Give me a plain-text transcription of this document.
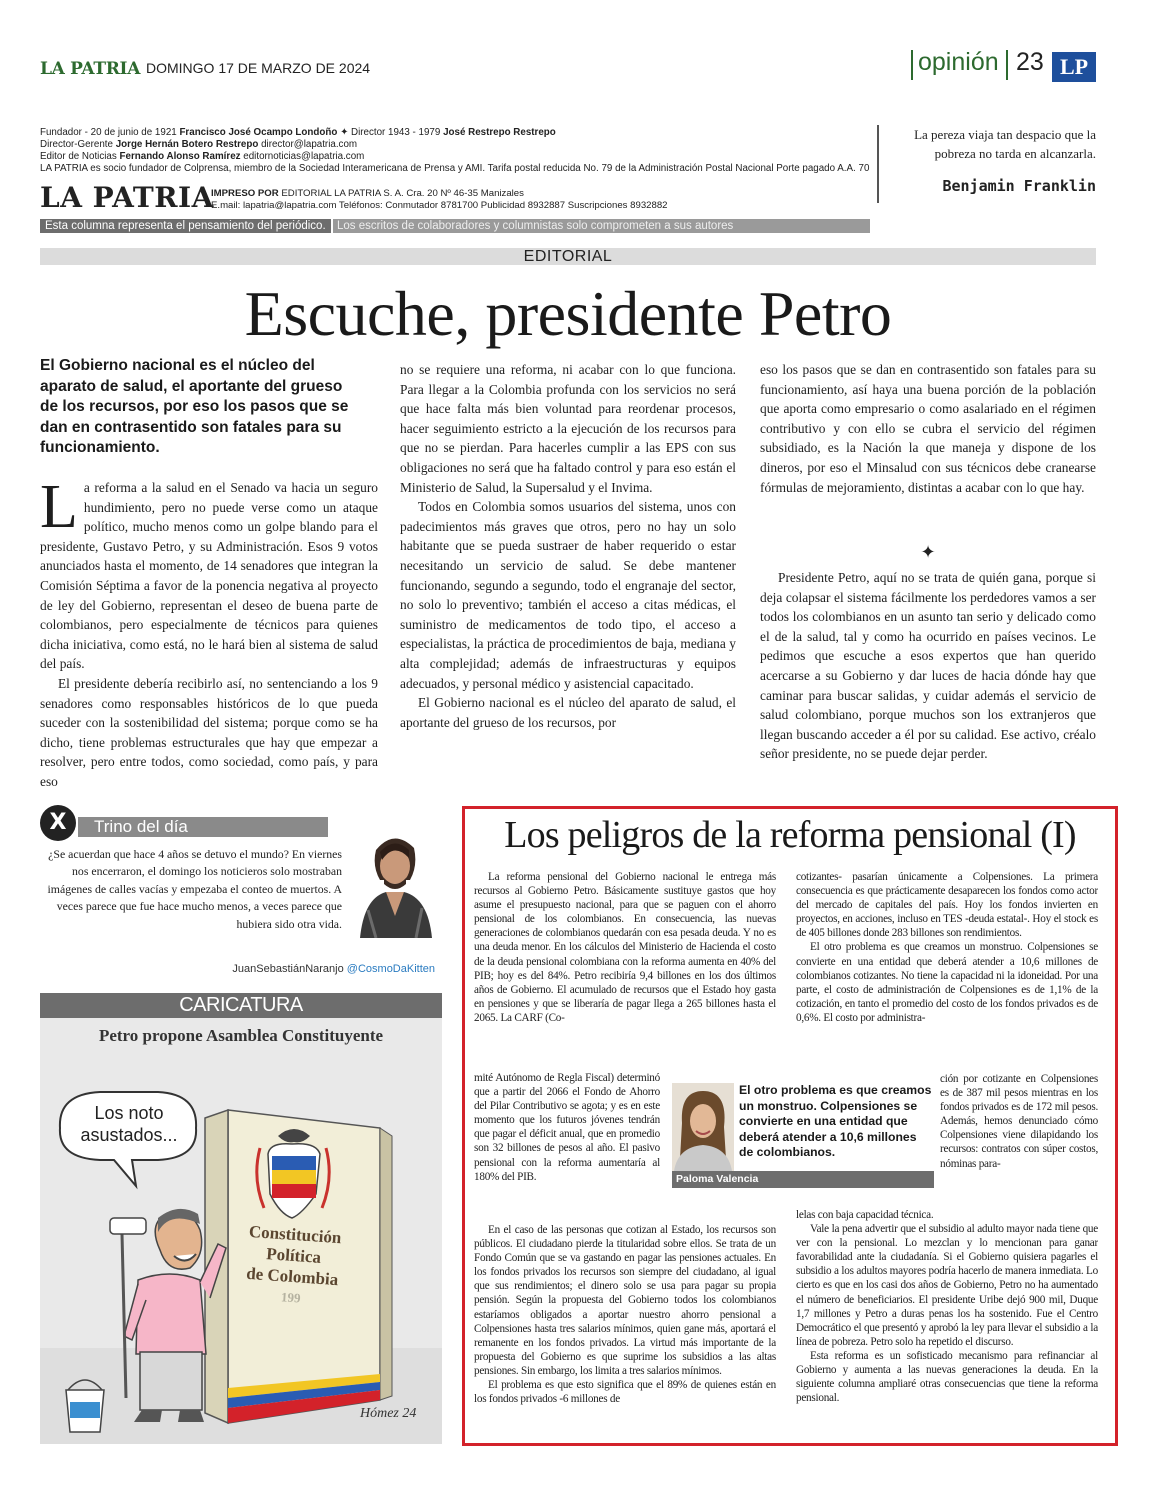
LA PATRIA DOMINGO 17 DE MARZO DE 2024	opinión 23 LP
Fundador - 20 de junio de 1921 Francisco José Ocampo Londoño ✦ Director 1943 - 1979 José Restrepo Restrepo
Director-Gerente Jorge Hernán Botero Restrepo director@lapatria.com
Editor de Noticias Fernando Alonso Ramírez editornoticias@lapatria.com
LA PATRIA es socio fundador de Colprensa, miembro de la Sociedad Interamericana de Prensa y AMI. Tarifa postal reducida No. 79 de la Administración Postal Nacional Porte pagado A.A. 70
LA PATRIA
IMPRESO POR EDITORIAL LA PATRIA S. A. Cra. 20 Nº 46-35 Manizales
E.mail: lapatria@lapatria.com Teléfonos: Conmutador 8781700 Publicidad 8932887 Suscripciones 8932882
Esta columna representa el pensamiento del periódico. Los escritos de colaboradores y columnistas solo comprometen a sus autores
La pereza viaja tan despacio que la
pobreza no tarda en alcanzarla.
Benjamin Franklin
EDITORIAL
Escuche, presidente Petro
El Gobierno nacional es el núcleo del aparato de salud, el aportante del grueso de los recursos, por eso los pasos que se dan en contrasentido son fatales para su funcionamiento.
L a reforma a la salud en el Senado va hacia un seguro hundimiento, pero no puede verse como un ataque político, mucho menos como un golpe blando para el presidente, Gustavo Petro, y su Administración. Esos 9 votos anunciados hasta el momento, de 14 senadores que integran la Comisión Séptima a favor de la ponencia negativa al proyecto de ley del Gobierno, representan el deseo de buena parte de colombianos, pero especialmente de técnicos para quienes dicha iniciativa, como está, no le hará bien al sistema de salud del país.

El presidente debería recibirlo así, no sentenciando a los 9 senadores como responsables históricos de lo que pueda suceder con la sostenibilidad del sistema; porque como se ha dicho, tiene problemas estructurales que hay que empezar a resolver, pero entre todos, como sociedad, como país, y para eso

no se requiere una reforma, ni acabar con lo que funciona. Para llegar a la Colombia profunda con los servicios no será que hace falta más bien voluntad para reordenar procesos, hacer seguimiento estricto a la ejecución de los recursos para que no se pierdan. Para hacerles cumplir a las EPS con sus obligaciones no será que ha faltado control y para eso están el Ministerio de Salud, la Supersalud y el Invima.

Todos en Colombia somos usuarios del sistema, unos con padecimientos más graves que otros, pero no hay un solo habitante que se pueda sustraer de haber requerido o estar necesitando un servicio de salud. Se debe mantener funcionando, segundo a segundo, todo el engranaje del sector, no solo lo preventivo; también el acceso a citas médicas, el suministro de medicamentos de todo tipo, el acceso a especialistas, la práctica de procedimientos de baja, mediana y alta complejidad; además de infraestructuras y equipos adecuados, y personal médico y asistencial capacitado.

El Gobierno nacional es el núcleo del aparato de salud, el aportante del grueso de los recursos, por

eso los pasos que se dan en contrasentido son fatales para su funcionamiento, así haya una buena porción de la población que aporta como empresario o como asalariado en el régimen contributivo y con ello se cubra el servicio del régimen subsidiado, es la Nación la que maneja y dispone de los dineros, por eso el Minsalud con sus técnicos debe cranearse fórmulas de mejoramiento, distintas a acabar con lo que hay.

✦

Presidente Petro, aquí no se trata de quién gana, porque si deja colapsar el sistema fácilmente los perdedores vamos a ser todos los colombianos en un asunto tan serio y delicado como el de la salud, tal y como ha ocurrido en países vecinos. Le pedimos que escuche a esos expertos que han querido acercarse a su Gobierno y dar luces de hacia dónde hay que caminar para buscar salidas, y cuidar además el servicio de salud colombiano, porque muchos son los extranjeros que llegan buscando acceder a él por su calidad. Ese activo, créalo señor presidente, no se puede dejar perder.

X	Trino del día
¿Se acuerdan que hace 4 años se detuvo el mundo? En viernes nos encerraron, el domingo los noticieros solo mostraban imágenes de calles vacías y empezaba el conteo de muertos. A veces parece que fue hace mucho menos, a veces parece que hubiera sido otra vida.
JuanSebastiánNaranjo @CosmoDaKitten
CARICATURA
Petro propone Asamblea Constituyente
Los noto
asustados...
Constitución
Política
de Colombia
199
Hómez 24
Los peligros de la reforma pensional (I)

La reforma pensional del Gobierno nacional le entrega más recursos al Gobierno Petro. Básicamente sustituye gastos que hoy asume el presupuesto nacional, para que se paguen con el ahorro pensional de los colombianos. En consecuencia, las nuevas generaciones de colombianos quedarán con esa pesada deuda. Y no es una deuda menor. En los cálculos del Ministerio de Hacienda el costo de la deuda pensional colombiana con la reforma aumenta en 40% del PIB; hoy es del 84%. Petro recibiría 9,4 billones en los dos últimos años de Gobierno. El acumulado de recursos que el Estado hoy gasta en pensiones y que se liberaría de pagar llega a 265 billones hasta el 2065. La CARF (Co-

mité Autónomo de Regla Fiscal) determinó que a partir del 2066 el Fondo de Ahorro del Pilar Contributivo se agota; y es en este momento que los futuros jóvenes tendrán que pagar el déficit anual, que en promedio son 32 billones de pesos al año. El pasivo pensional con la reforma aumentaría al 180% del PIB.

En el caso de las personas que cotizan al Estado, los recursos son públicos. El ciudadano pierde la titularidad sobre ellos. Se trata de un Fondo Común que se va gastando en pagar las pensiones actuales. En los fondos privados los recursos son siempre del ciudadano, al igual que sus rendimientos; el dinero solo se usa para pagar su propia pensión. Según la propuesta del Gobierno todos los colombianos estaríamos obligados a aportar nuestro ahorro pensional a Colpensiones hasta tres salarios mínimos, quien gane más, aportará el remanente en los fondos privados. La virtud más importante de la propuesta del Gobierno es que suprime los subsidios a las altas pensiones. Sin embargo, los limita a tres salarios mínimos.

El problema es que esto significa que el 89% de quienes están en los fondos privados -6 millones de

cotizantes- pasarían únicamente a Colpensiones. La primera consecuencia es que prácticamente desaparecen los fondos como actor del mercado de capitales del país. Hoy los fondos invierten en proyectos, en acciones, incluso en TES -deuda estatal-. Hoy el stock es de 405 billones donde 283 billones son rendimientos.

El otro problema es que creamos un monstruo. Colpensiones se convierte en una entidad que deberá atender a 10,6 millones de colombianos cotizantes. No tiene la capacidad ni la idoneidad. Por una parte, el costo de administración de Colpensiones es de 1,1% de la cotización, en tanto el promedio del costo de los fondos privados es de 0,6%. El costo por administra-

ción por cotizante en Colpensiones es de 387 mil pesos mientras en los fondos privados es de 172 mil pesos. Además, hemos denunciado cómo Colpensiones viene dilapidando los recursos: contratos con súper costos, nóminas para-

lelas con baja capacidad técnica.

Vale la pena advertir que el subsidio al adulto mayor nada tiene que ver con la pensional. Lo mezclan y lo mencionan para ganar favorabilidad ante la ciudadanía. Si el Gobierno quisiera pagarles el subsidio a los adultos mayores podría hacerlo de manera inmediata. Lo cierto es que en los casi dos años de Gobierno, Petro no ha aumentado el número de beneficiarios. El presidente Uribe dejó 900 mil, Duque 1,7 millones y Petro a duras penas los ha sostenido. Fue el Centro Democrático el que presentó y aprobó la ley para llevar el subsidio a la línea de pobreza. Petro solo ha repetido el discurso.

Esta reforma es un sofisticado mecanismo para refinanciar al Gobierno y aumenta a las nuevas generaciones la deuda. En la siguiente columna ampliaré otras consecuencias que tiene la reforma pensional.

Paloma Valencia
El otro problema es que creamos un monstruo. Colpensiones se convierte en una entidad que deberá atender a 10,6 millones de colombianos.
